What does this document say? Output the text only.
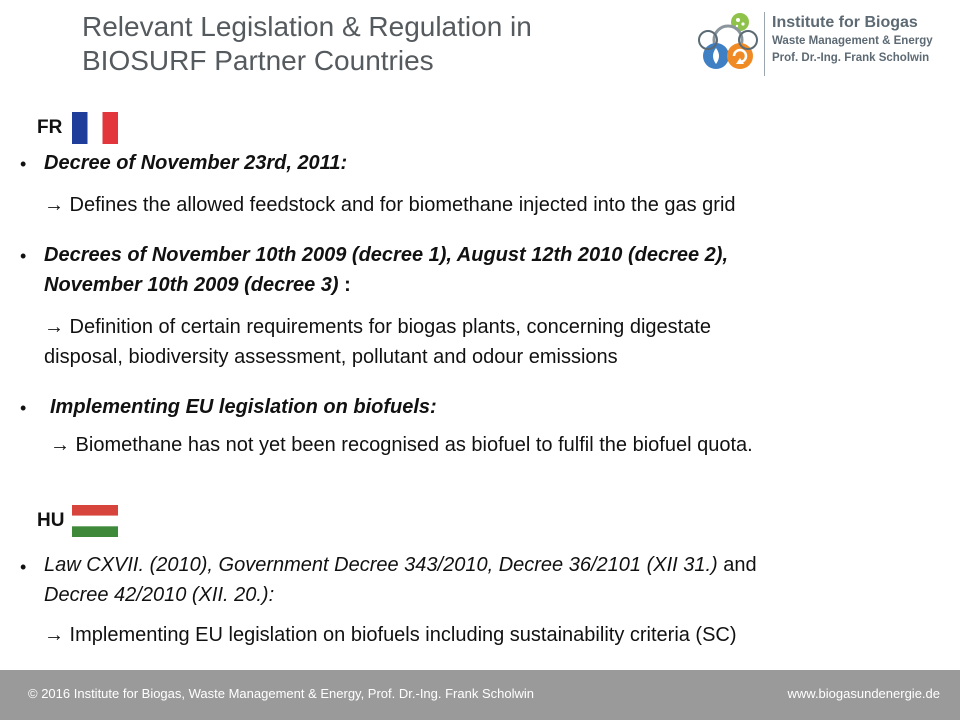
Relevant Legislation & Regulation in
BIOSURF Partner Countries
Institute for Biogas
Waste Management & Energy
Prof. Dr.-Ing. Frank Scholwin
FR
• Decree of November 23rd, 2011:
→ Defines the allowed feedstock and for biomethane injected into the gas grid
• Decrees of November 10th 2009 (decree 1), August 12th 2010 (decree 2),
November 10th 2009 (decree 3) :
→ Definition of certain requirements for biogas plants, concerning digestate
disposal, biodiversity assessment, pollutant and odour emissions
• Implementing EU legislation on biofuels:
→ Biomethane has not yet been recognised as biofuel to fulfil the biofuel quota.
HU
• Law CXVII. (2010), Government Decree 343/2010, Decree 36/2101 (XII 31.) and
Decree 42/2010 (XII. 20.):
→ Implementing EU legislation on biofuels including sustainability criteria (SC)
© 2016 Institute for Biogas, Waste Management & Energy, Prof. Dr.-Ing. Frank Scholwin	www.biogasundenergie.de
